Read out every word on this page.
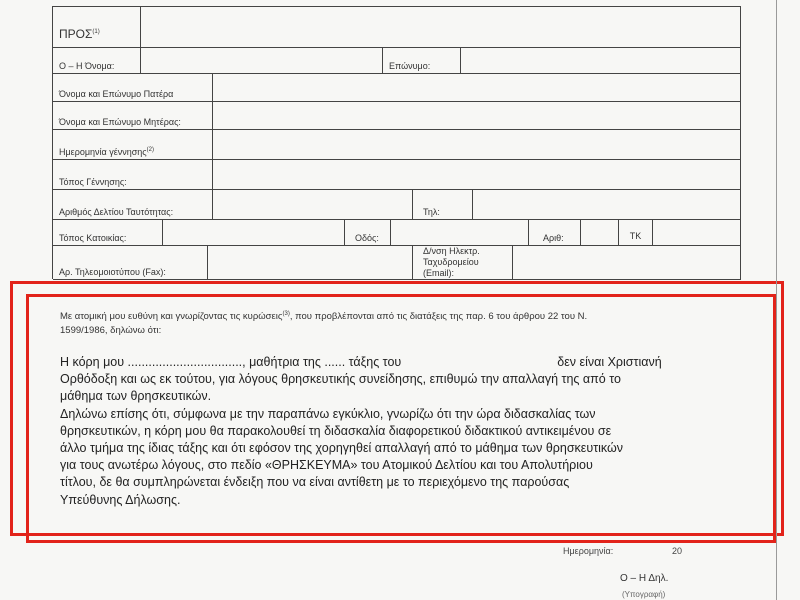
ΠΡΟΣ$^{(1)}$
Ο – Η Όνομα:	Επώνυμο:
Όνομα και Επώνυμο Πατέρα
Όνομα και Επώνυμο Μητέρας:
Ημερομηνία γέννησης$^{(2)}$
Τόπος Γέννησης:
Αριθμός Δελτίου Ταυτότητας:	Τηλ:
Τόπος Κατοικίας:	Οδός:	Αριθ:	ΤΚ
Αρ. Τηλεομοιοτύπου (Fax):
Δ/νση Ηλεκτρ.
Ταχυδρομείου
(Email):
Με ατομική μου ευθύνη και γνωρίζοντας τις κυρώσεις$^{(3)}$, που προβλέπονται από τις διατάξεις της παρ. 6 του άρθρου 22 του Ν.
1599/1986, δηλώνω ότι:

Η κόρη μου ................................., μαθήτρια της ...... τάξης του	δεν είναι Χριστιανή

Ορθόδοξη και ως εκ τούτου, για λόγους θρησκευτικής συνείδησης, επιθυμώ την απαλλαγή της από το

μάθημα των θρησκευτικών.

Δηλώνω επίσης ότι, σύμφωνα με την παραπάνω εγκύκλιο, γνωρίζω ότι την ώρα διδασκαλίας των

θρησκευτικών, η κόρη μου θα παρακολουθεί τη διδασκαλία διαφορετικού διδακτικού αντικειμένου σε

άλλο τμήμα της ίδιας τάξης και ότι εφόσον της χορηγηθεί απαλλαγή από το μάθημα των θρησκευτικών

για τους ανωτέρω λόγους, στο πεδίο «ΘΡΗΣΚΕΥΜΑ» του Ατομικού Δελτίου και του Απολυτήριου

τίτλου, δε θα συμπληρώνεται ένδειξη που να είναι αντίθετη με το περιεχόμενο της παρούσας

Υπεύθυνης Δήλωσης.

Ημερομηνία:	20
Ο – Η Δηλ.
(Υπογραφή)
